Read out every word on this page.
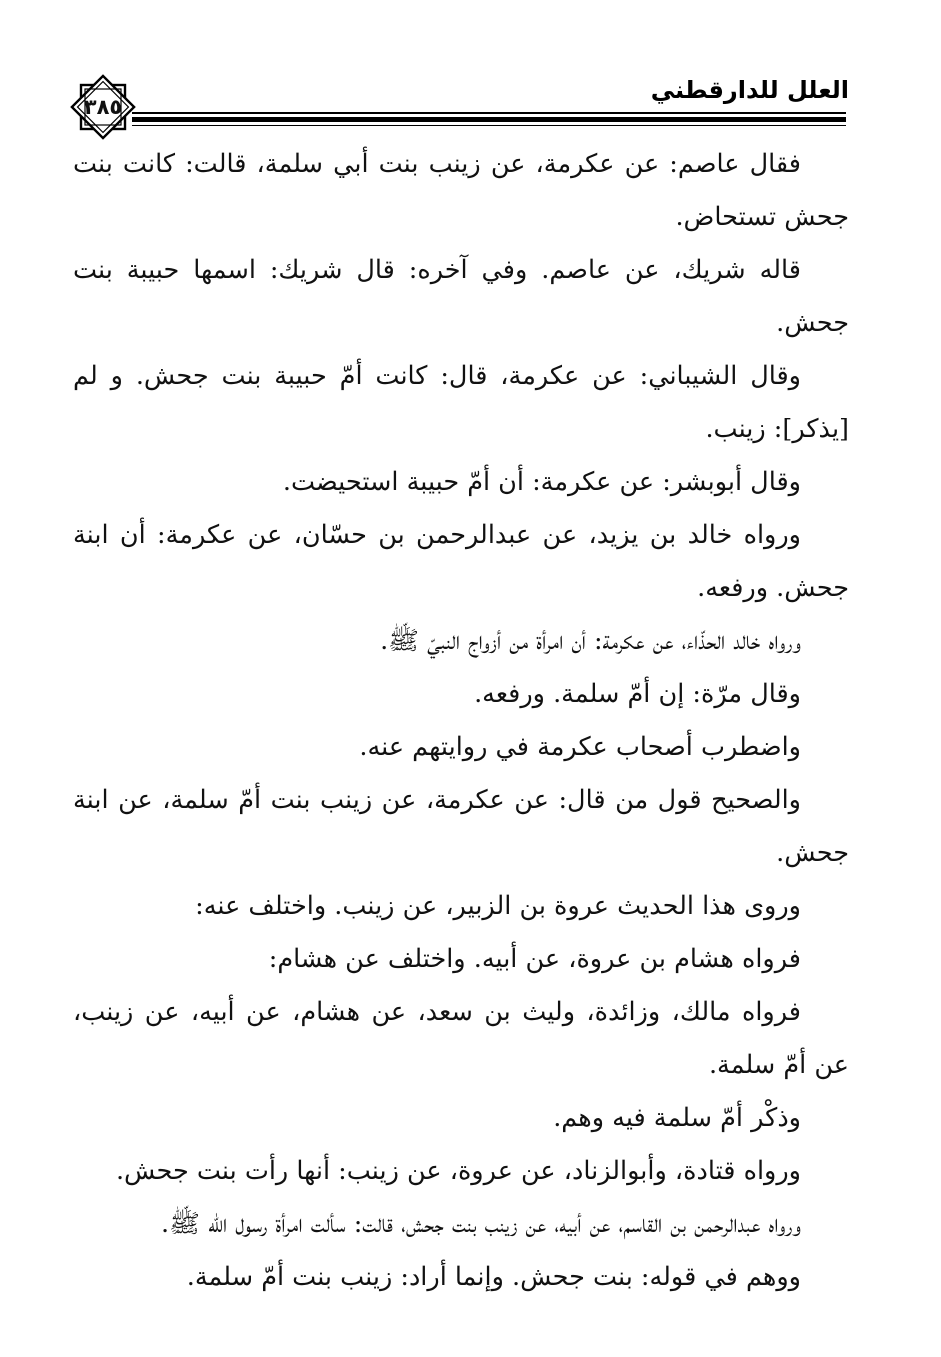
العلل للدارقطني
٣٨٥

فقال عاصم: عن عكرمة، عن زينب بنت أبي سلمة، قالت: كانت بنت جحش تستحاض.

قاله شريك، عن عاصم. وفي آخره: قال شريك: اسمها حبيبة بنت جحش.

وقال الشيباني: عن عكرمة، قال: كانت أمّ حبيبة بنت جحش. و لم [يذكر]: زينب.

وقال أبوبشر: عن عكرمة: أن أمّ حبيبة استحيضت.

ورواه خالد بن يزيد، عن عبدالرحمن بن حسّان، عن عكرمة: أن ابنة جحش. ورفعه.

ورواه خالد الحذّاء، عن عكرمة: أن امرأة من أزواج النبيّ ﷺ.

وقال مرّة: إن أمّ سلمة. ورفعه.

واضطرب أصحاب عكرمة في روايتهم عنه.

والصحيح قول من قال: عن عكرمة، عن زينب بنت أمّ سلمة، عن ابنة جحش.

وروى هذا الحديث عروة بن الزبير، عن زينب. واختلف عنه:

فرواه هشام بن عروة، عن أبيه. واختلف عن هشام:

فرواه مالك، وزائدة، وليث بن سعد، عن هشام، عن أبيه، عن زينب، عن أمّ سلمة.

وذكْر أمّ سلمة فيه وهم.

ورواه قتادة، وأبوالزناد، عن عروة، عن زينب: أنها رأت بنت جحش.

ورواه عبدالرحمن بن القاسم، عن أبيه، عن زينب بنت جحش، قالت: سألت امرأة رسول الله ﷺ.

ووهم في قوله: بنت جحش. وإنما أراد: زينب بنت أمّ سلمة.
